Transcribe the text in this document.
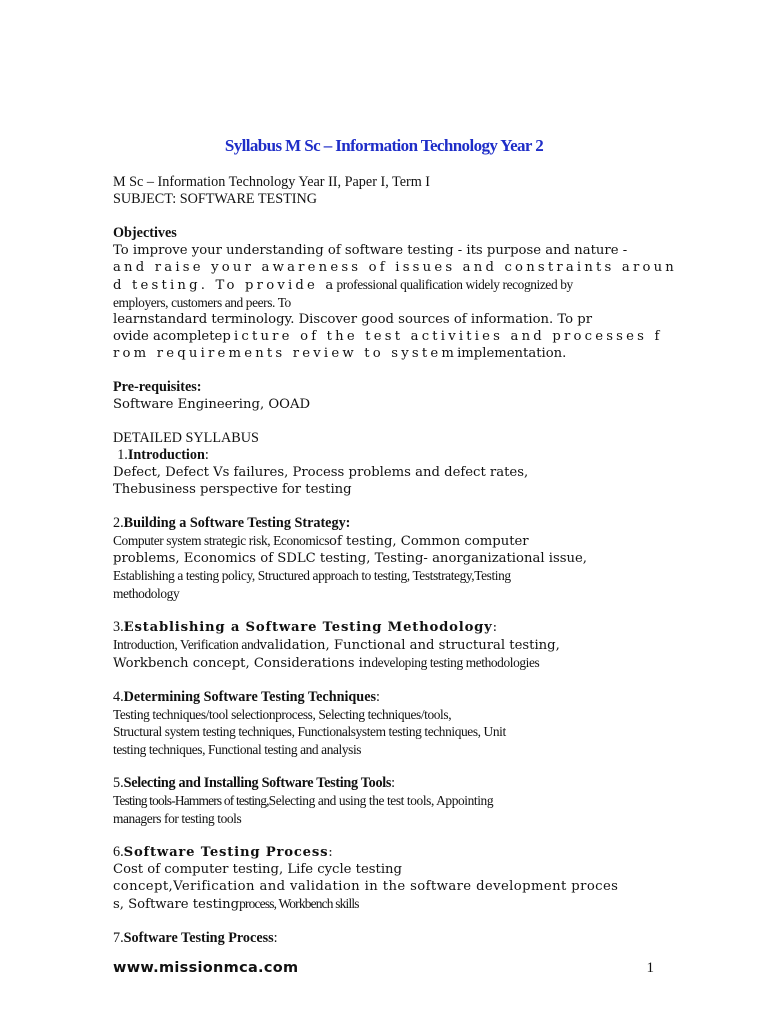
Syllabus M Sc – Information Technology Year 2
M Sc – Information Technology Year II, Paper I, Term I
SUBJECT: SOFTWARE TESTING
Objectives
To improve your understanding of software testing - its purpose and nature -
and raise your awareness of issues and constraints aroun
d testing. To provide aprofessional qualification widely recognized by
employers, customers and peers. To
learnstandard terminology. Discover good sources of information. To pr
ovide acompletepicture of the test activities and processes f
rom requirements review to systemimplementation.
Pre-requisites:
Software Engineering, OOAD
DETAILED SYLLABUS
1.Introduction:
Defect, Defect Vs failures, Process problems and defect rates,
Thebusiness perspective for testing
2.Building a Software Testing Strategy:
Computer system strategic risk, Economicsof testing, Common computer
problems, Economics of SDLC testing, Testing- anorganizational issue,
Establishing a testing policy, Structured approach to testing, Teststrategy,Testing
methodology
3.Establishing a Software Testing Methodology:
Introduction, Verification andvalidation, Functional and structural testing,
Workbench concept, Considerations indeveloping testing methodologies
4.Determining Software Testing Techniques:
Testing techniques/tool selectionprocess, Selecting techniques/tools,
Structural system testing techniques, Functionalsystem testing techniques, Unit
testing techniques, Functional testing and analysis
5.Selecting and Installing Software Testing Tools:
Testing tools-Hammers of testing,Selecting and using the test tools, Appointing
managers for testing tools
6.Software Testing Process:
Cost of computer testing, Life cycle testing
concept,Verification and validation in the software development proces
s, Software testingprocess, Workbench skills
7.Software Testing Process:
www.missionmca.com	1
